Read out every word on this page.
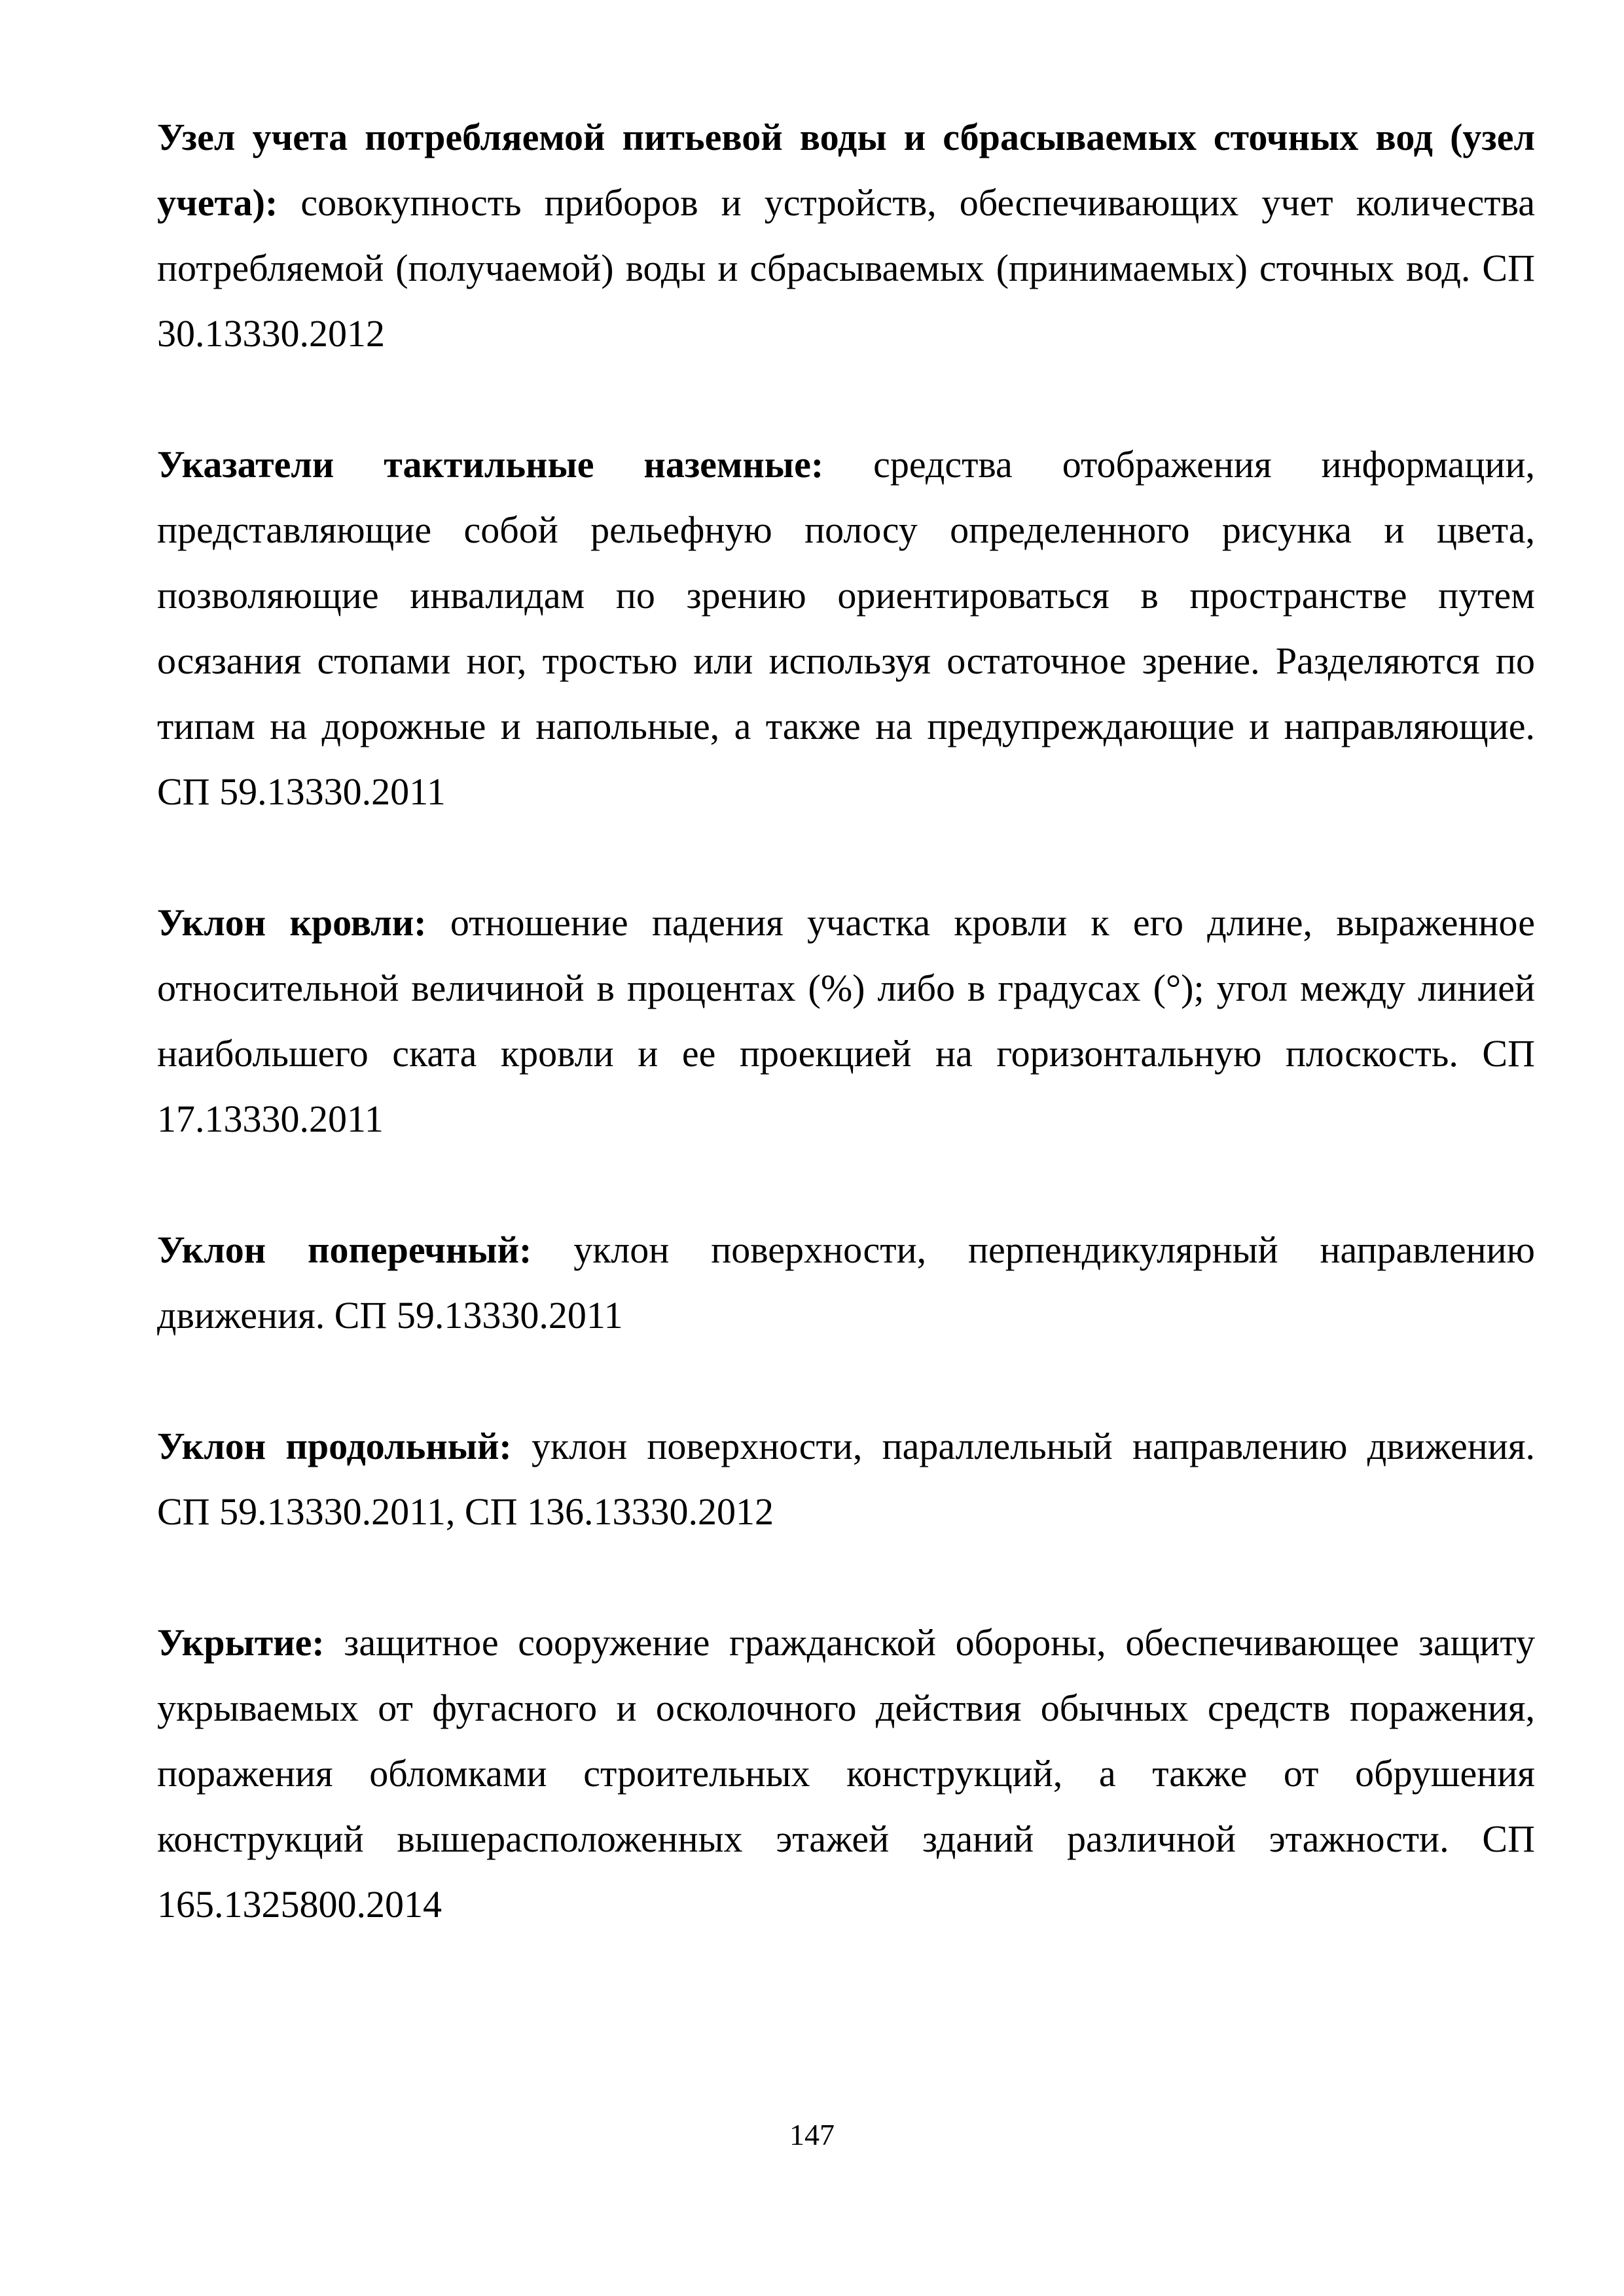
Узел учета потребляемой питьевой воды и сбрасываемых сточных вод (узел учета): совокупность приборов и устройств, обеспечивающих учет количества потребляемой (получаемой) воды и сбрасываемых (принимаемых) сточных вод. СП 30.13330.2012

Указатели тактильные наземные: средства отображения информации, представляющие собой рельефную полосу определенного рисунка и цвета, позволяющие инвалидам по зрению ориентироваться в пространстве путем осязания стопами ног, тростью или используя остаточное зрение. Разделяются по типам на дорожные и напольные, а также на предупреждающие и направляющие. СП 59.13330.2011

Уклон кровли: отношение падения участка кровли к его длине, выраженное относительной величиной в процентах (%) либо в градусах (°); угол между линией наибольшего ската кровли и ее проекцией на горизонтальную плоскость. СП 17.13330.2011

Уклон поперечный: уклон поверхности, перпендикулярный направлению движения. СП 59.13330.2011

Уклон продольный: уклон поверхности, параллельный направлению движения. СП 59.13330.2011, СП 136.13330.2012

Укрытие: защитное сооружение гражданской обороны, обеспечивающее защиту укрываемых от фугасного и осколочного действия обычных средств поражения, поражения обломками строительных конструкций, а также от обрушения конструкций вышерасположенных этажей зданий различной этажности. СП 165.1325800.2014

147
